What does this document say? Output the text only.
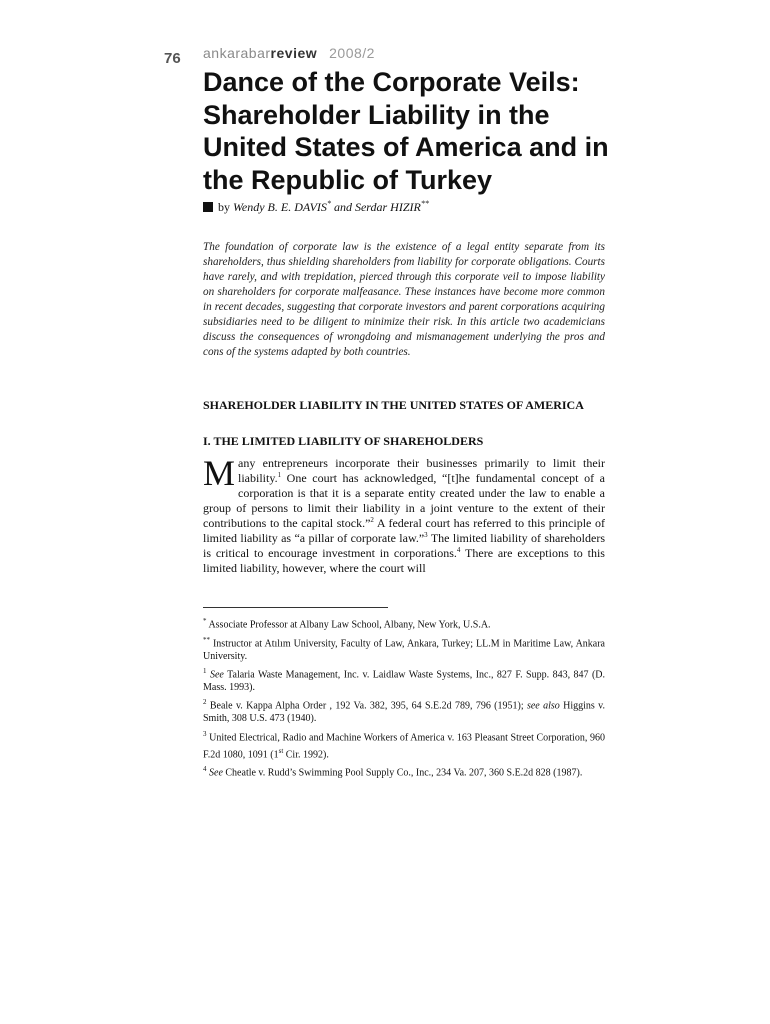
76 ankarabarreview 2008/2
Dance of the Corporate Veils: Shareholder Liability in the United States of America and in the Republic of Turkey
by Wendy B. E. DAVIS* and Serdar HIZIR**

The foundation of corporate law is the existence of a legal entity separate from its shareholders, thus shielding shareholders from liability for corporate obligations. Courts have rarely, and with trepidation, pierced through this corporate veil to impose liability on shareholders for corporate malfeasance. These instances have become more common in recent decades, suggesting that corporate investors and parent corporations acquiring subsidiaries need to be diligent to minimize their risk. In this article two academicians discuss the consequences of wrongdoing and mismanagement underlying the pros and cons of the systems adapted by both countries.

SHAREHOLDER LIABILITY IN THE UNITED STATES OF AMERICA
I. THE LIMITED LIABILITY OF SHAREHOLDERS

Many entrepreneurs incorporate their businesses primarily to limit their liability.$^1$ One court has acknowledged, “[t]he fundamental concept of a corporation is that it is a separate entity created under the law to enable a group of persons to limit their liability in a joint venture to the extent of their contributions to the capital stock.”$^2$ A federal court has referred to this principle of limited liability as “a pillar of corporate law.”$^3$ The limited liability of shareholders is critical to encourage investment in corporations.$^4$ There are exceptions to this limited liability, however, where the court will

* Associate Professor at Albany Law School, Albany, New York, U.S.A.

** Instructor at Atılım University, Faculty of Law, Ankara, Turkey; LL.M in Maritime Law, Ankara University.

$^1$ See Talaria Waste Management, Inc. v. Laidlaw Waste Systems, Inc., 827 F. Supp. 843, 847 (D. Mass. 1993).

$^2$ Beale v. Kappa Alpha Order , 192 Va. 382, 395, 64 S.E.2d 789, 796 (1951); see also Higgins v. Smith, 308 U.S. 473 (1940).

$^3$ United Electrical, Radio and Machine Workers of America v. 163 Pleasant Street Corporation, 960 F.2d 1080, 1091 (1st Cir. 1992).

$^4$ See Cheatle v. Rudd’s Swimming Pool Supply Co., Inc., 234 Va. 207, 360 S.E.2d 828 (1987).
